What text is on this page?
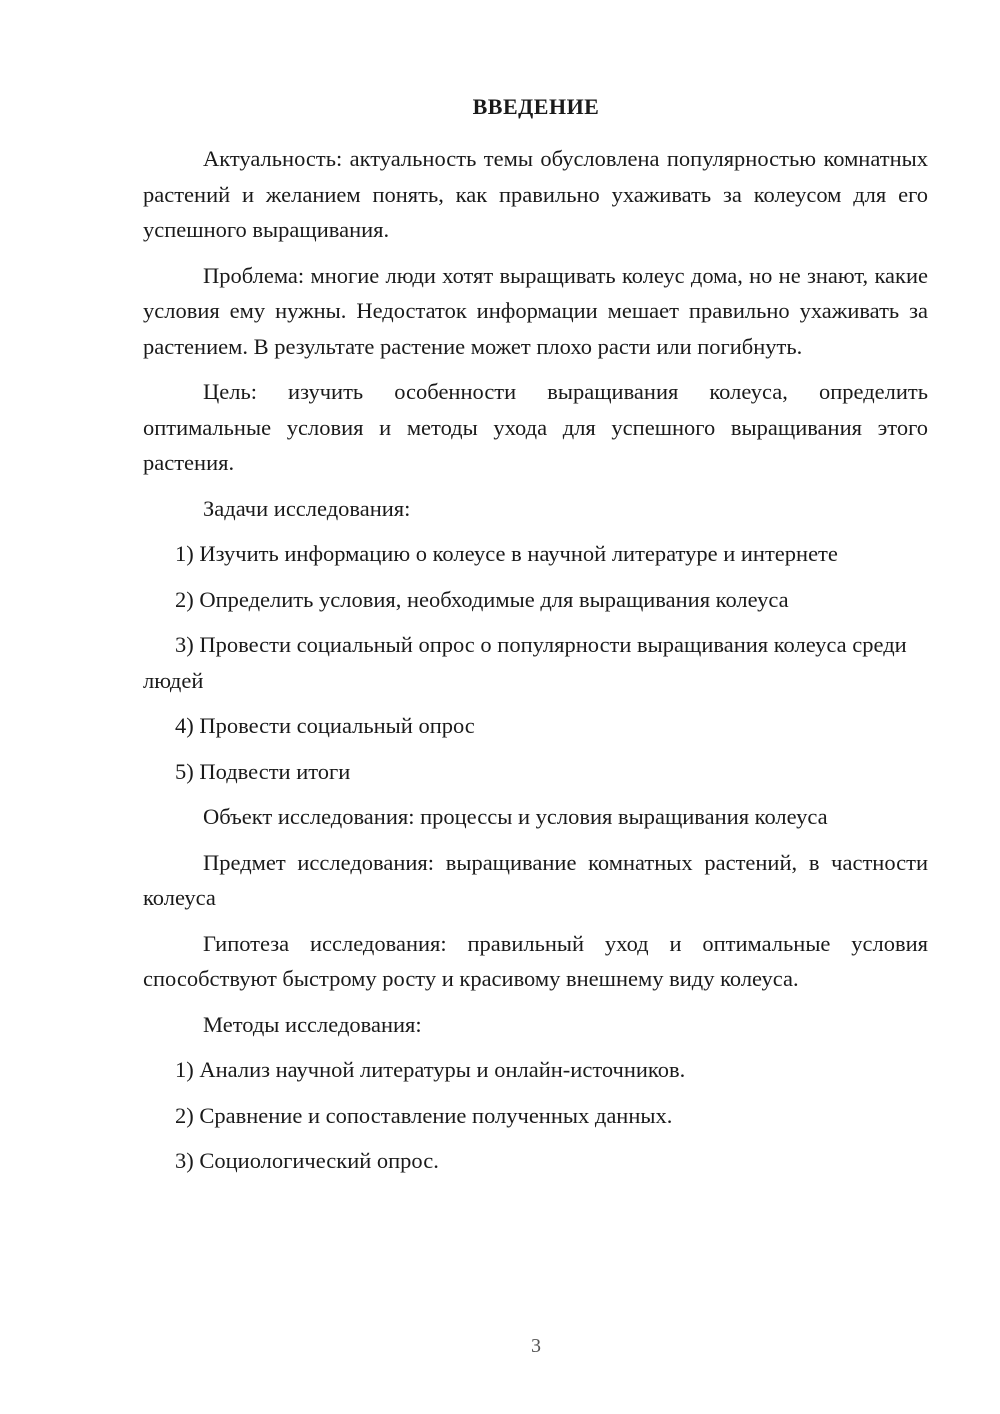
ВВЕДЕНИЕ

Актуальность: актуальность темы обусловлена популярностью комнатных растений и желанием понять, как правильно ухаживать за колеусом для его успешного выращивания.

Проблема: многие люди хотят выращивать колеус дома, но не знают, какие условия ему нужны. Недостаток информации мешает правильно ухаживать за растением. В результате растение может плохо расти или погибнуть.

Цель: изучить особенности выращивания колеуса, определить оптимальные условия и методы ухода для успешного выращивания этого растения.

Задачи исследования:

1) Изучить информацию о колеусе в научной литературе и интернете

2) Определить условия, необходимые для выращивания колеуса

3) Провести социальный опрос о популярности выращивания колеуса среди людей

4) Провести социальный опрос

5) Подвести итоги

Объект исследования: процессы и условия выращивания колеуса

Предмет исследования: выращивание комнатных растений, в частности колеуса

Гипотеза исследования: правильный уход и оптимальные условия способствуют быстрому росту и красивому внешнему виду колеуса.

Методы исследования:

1) Анализ научной литературы и онлайн-источников.

2) Сравнение и сопоставление полученных данных.

3) Социологический опрос.

3
